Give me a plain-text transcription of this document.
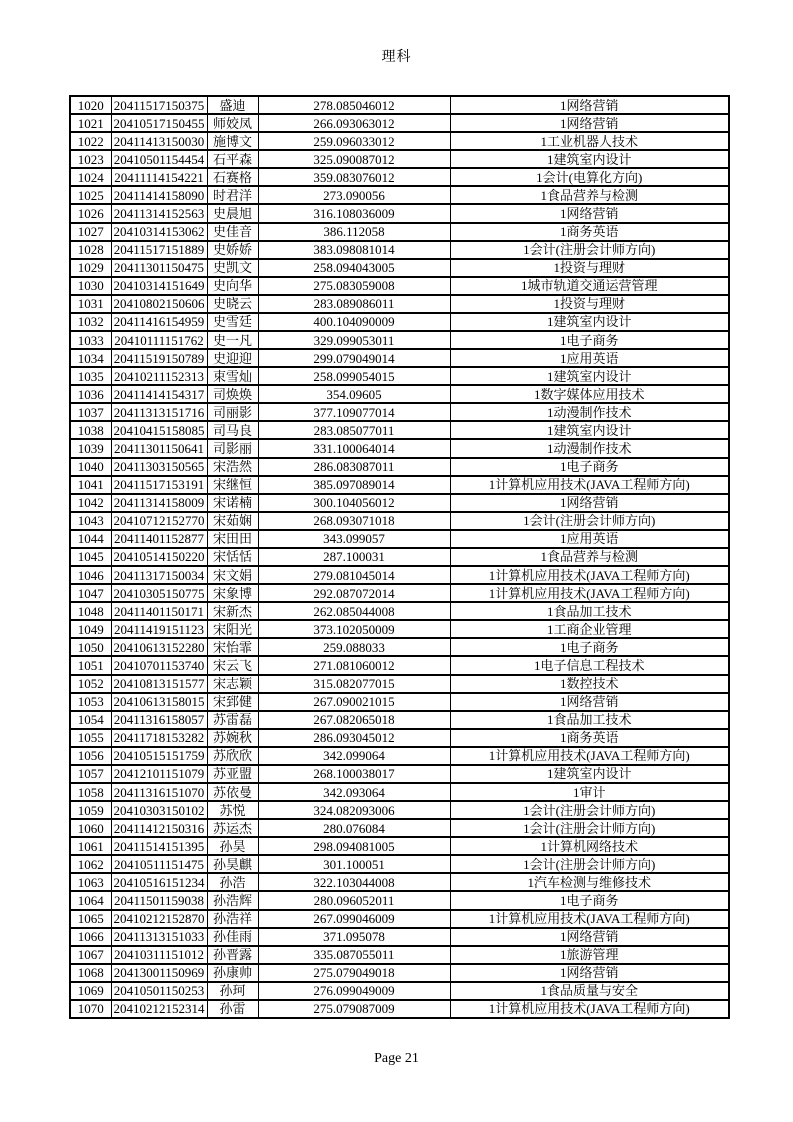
理科
1020	20411517150375	盛迪	278.085046012	1网络营销
1021	20410517150455	师姣凤	266.093063012	1网络营销
1022	20411413150030	施博文	259.096033012	1工业机器人技术
1023	20410501154454	石平森	325.090087012	1建筑室内设计
1024	20411114154221	石赛格	359.083076012	1会计(电算化方向)
1025	20411414158090	时君洋	273.090056	1食品营养与检测
1026	20411314152563	史晨旭	316.108036009	1网络营销
1027	20410314153062	史佳音	386.112058	1商务英语
1028	20411517151889	史娇娇	383.098081014	1会计(注册会计师方向)
1029	20411301150475	史凯文	258.094043005	1投资与理财
1030	20410314151649	史向华	275.083059008	1城市轨道交通运营管理
1031	20410802150606	史晓云	283.089086011	1投资与理财
1032	20411416154959	史雪廷	400.104090009	1建筑室内设计
1033	20410111151762	史一凡	329.099053011	1电子商务
1034	20411519150789	史迎迎	299.079049014	1应用英语
1035	20410211152313	束雪灿	258.099054015	1建筑室内设计
1036	20411414154317	司焕焕	354.09605	1数字媒体应用技术
1037	20411313151716	司丽影	377.109077014	1动漫制作技术
1038	20410415158085	司马良	283.085077011	1建筑室内设计
1039	20411301150641	司影丽	331.100064014	1动漫制作技术
1040	20411303150565	宋浩然	286.083087011	1电子商务
1041	20411517153191	宋继恒	385.097089014	1计算机应用技术(JAVA工程师方向)
1042	20411314158009	宋诺楠	300.104056012	1网络营销
1043	20410712152770	宋茹娴	268.093071018	1会计(注册会计师方向)
1044	20411401152877	宋田田	343.099057	1应用英语
1045	20410514150220	宋恬恬	287.100031	1食品营养与检测
1046	20411317150034	宋文娟	279.081045014	1计算机应用技术(JAVA工程师方向)
1047	20410305150775	宋象博	292.087072014	1计算机应用技术(JAVA工程师方向)
1048	20411401150171	宋新杰	262.085044008	1食品加工技术
1049	20411419151123	宋阳光	373.102050009	1工商企业管理
1050	20410613152280	宋怡霏	259.088033	1电子商务
1051	20410701153740	宋云飞	271.081060012	1电子信息工程技术
1052	20410813151577	宋志颖	315.082077015	1数控技术
1053	20410613158015	宋郅健	267.090021015	1网络营销
1054	20411316158057	苏雷磊	267.082065018	1食品加工技术
1055	20411718153282	苏婉秋	286.093045012	1商务英语
1056	20410515151759	苏欣欣	342.099064	1计算机应用技术(JAVA工程师方向)
1057	20412101151079	苏亚盟	268.100038017	1建筑室内设计
1058	20411316151070	苏依曼	342.093064	1审计
1059	20410303150102	苏悦	324.082093006	1会计(注册会计师方向)
1060	20411412150316	苏运杰	280.076084	1会计(注册会计师方向)
1061	20411514151395	孙昊	298.094081005	1计算机网络技术
1062	20410511151475	孙昊麒	301.100051	1会计(注册会计师方向)
1063	20410516151234	孙浩	322.103044008	1汽车检测与维修技术
1064	20411501159038	孙浩辉	280.096052011	1电子商务
1065	20410212152870	孙浩祥	267.099046009	1计算机应用技术(JAVA工程师方向)
1066	20411313151033	孙佳雨	371.095078	1网络营销
1067	20410311151012	孙晋露	335.087055011	1旅游管理
1068	20413001150969	孙康帅	275.079049018	1网络营销
1069	20410501150253	孙珂	276.099049009	1食品质量与安全
1070	20410212152314	孙雷	275.079087009	1计算机应用技术(JAVA工程师方向)
Page 21
